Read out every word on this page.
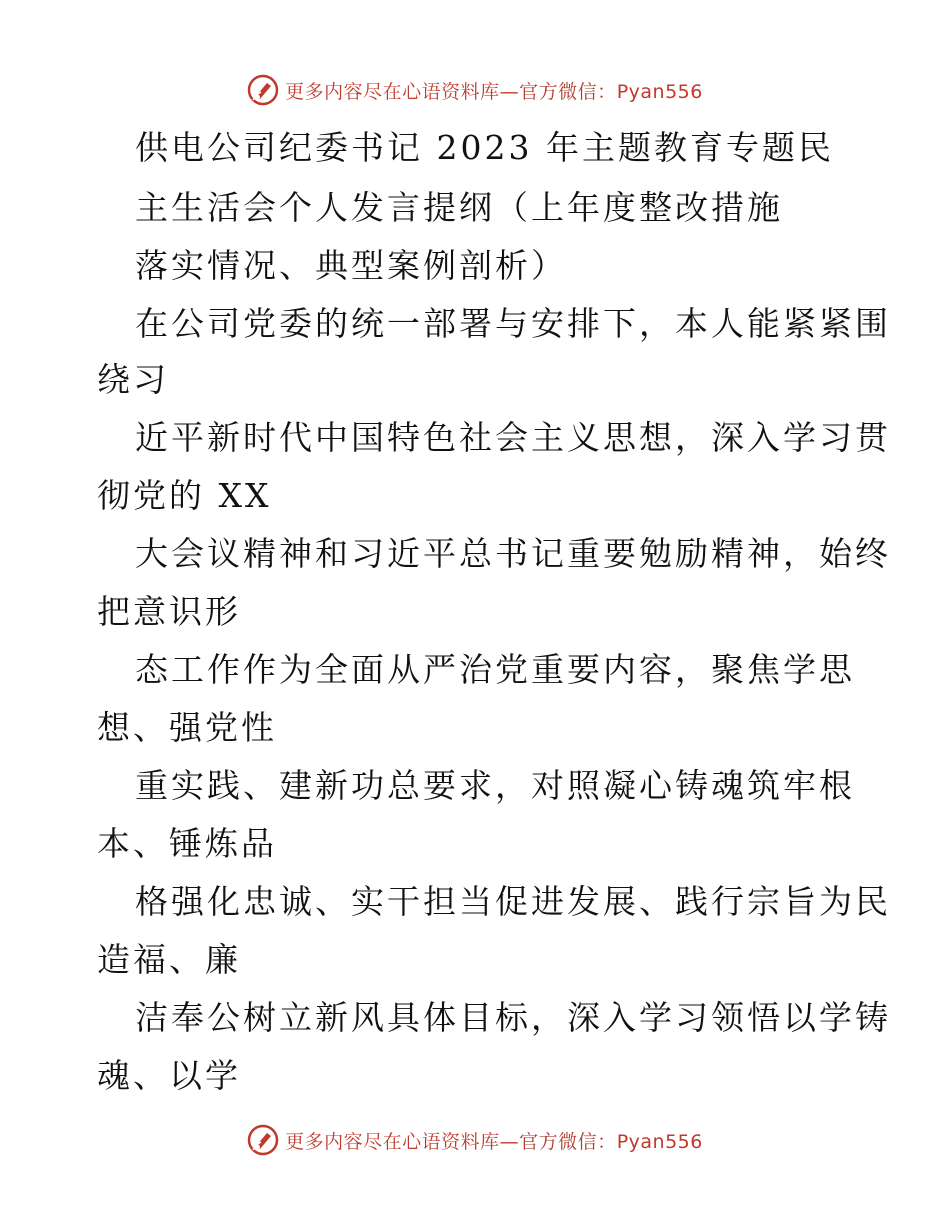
更多内容尽在心语资料库—官方微信：Pyan556
供电公司纪委书记 2023 年主题教育专题民
主生活会个人发言提纲（上年度整改措施
落实情况、典型案例剖析）
在公司党委的统一部署与安排下，本人能紧紧围
绕习
近平新时代中国特色社会主义思想，深入学习贯
彻党的 XX
大会议精神和习近平总书记重要勉励精神，始终
把意识形
态工作作为全面从严治党重要内容，聚焦学思
想、强党性
重实践、建新功总要求，对照凝心铸魂筑牢根
本、锤炼品
格强化忠诚、实干担当促进发展、践行宗旨为民
造福、廉
洁奉公树立新风具体目标，深入学习领悟以学铸
魂、以学
更多内容尽在心语资料库—官方微信：Pyan556
